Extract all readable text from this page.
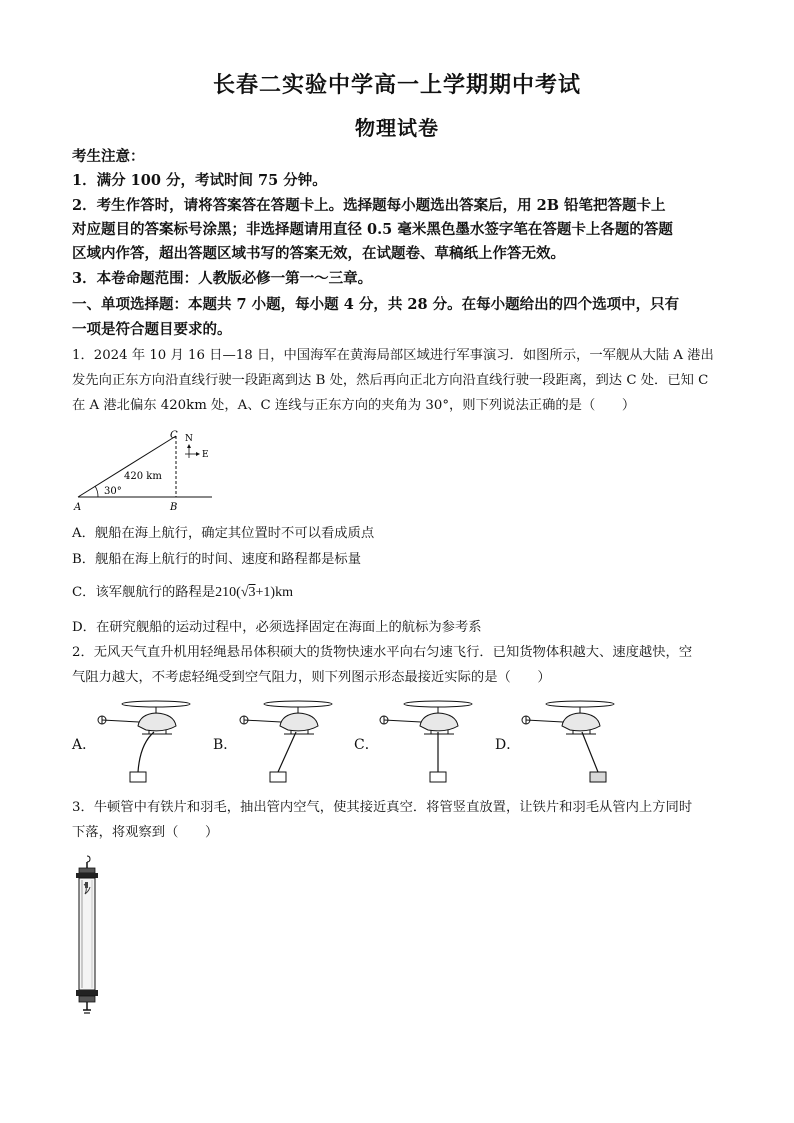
长春二实验中学高一上学期期中考试
物理试卷
考生注意：
1．满分 100 分，考试时间 75 分钟。
2．考生作答时，请将答案答在答题卡上。选择题每小题选出答案后，用 2B 铅笔把答题卡上
对应题目的答案标号涂黑；非选择题请用直径 0.5 毫米黑色墨水签字笔在答题卡上各题的答题
区域内作答，超出答题区域书写的答案无效，在试题卷、草稿纸上作答无效。
3．本卷命题范围：人教版必修一第一～三章。
一、单项选择题：本题共 7 小题，每小题 4 分，共 28 分。在每小题给出的四个选项中，只有
一项是符合题目要求的。
1．2024 年 10 月 16 日—18 日，中国海军在黄海局部区域进行军事演习．如图所示，一军舰从大陆 A 港出
发先向正东方向沿直线行驶一段距离到达 B 处，然后再向正北方向沿直线行驶一段距离，到达 C 处．已知 C
在 A 港北偏东 420km 处，A、C 连线与正东方向的夹角为 30°，则下列说法正确的是（　　）
A	B
C
420 km
30°
N
E
A．舰船在海上航行，确定其位置时不可以看成质点
B．舰船在海上航行的时间、速度和路程都是标量
C．该军舰航行的路程是210(√3+1)km
D．在研究舰船的运动过程中，必须选择固定在海面上的航标为参考系
2．无风天气直升机用轻绳悬吊体积硕大的货物快速水平向右匀速飞行．已知货物体积越大、速度越快，空
气阻力越大，不考虑轻绳受到空气阻力，则下列图示形态最接近实际的是（　　）
A．	B．	C．	D．
3．牛顿管中有铁片和羽毛，抽出管内空气，使其接近真空．将管竖直放置，让铁片和羽毛从管内上方同时
下落，将观察到（　　）
